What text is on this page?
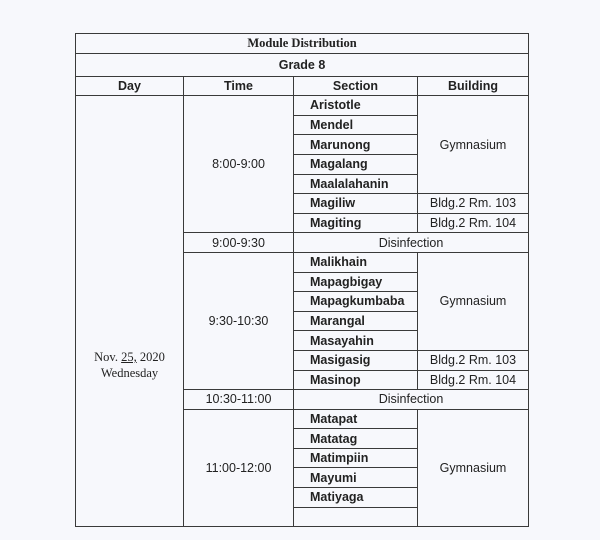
Module Distribution			
Grade 8			
Day	Time	Section	Building
Nov. 25, 2020
Wednesday	8:00-9:00	Aristotle	Gymnasium
		Mendel	
		Marunong	
		Magalang	
		Maalalahanin	
		Magiliw	Bldg.2 Rm. 103
		Magiting	Bldg.2 Rm. 104
	9:00-9:30	Disinfection	
	9:30-10:30	Malikhain	Gymnasium
		Mapagbigay	
		Mapagkumbaba	
		Marangal	
		Masayahin	
		Masigasig	Bldg.2 Rm. 103
		Masinop	Bldg.2 Rm. 104
	10:30-11:00	Disinfection	
	11:00-12:00	Matapat	Gymnasium
		Matatag	
		Matimpiin	
		Mayumi	
		Matiyaga	
